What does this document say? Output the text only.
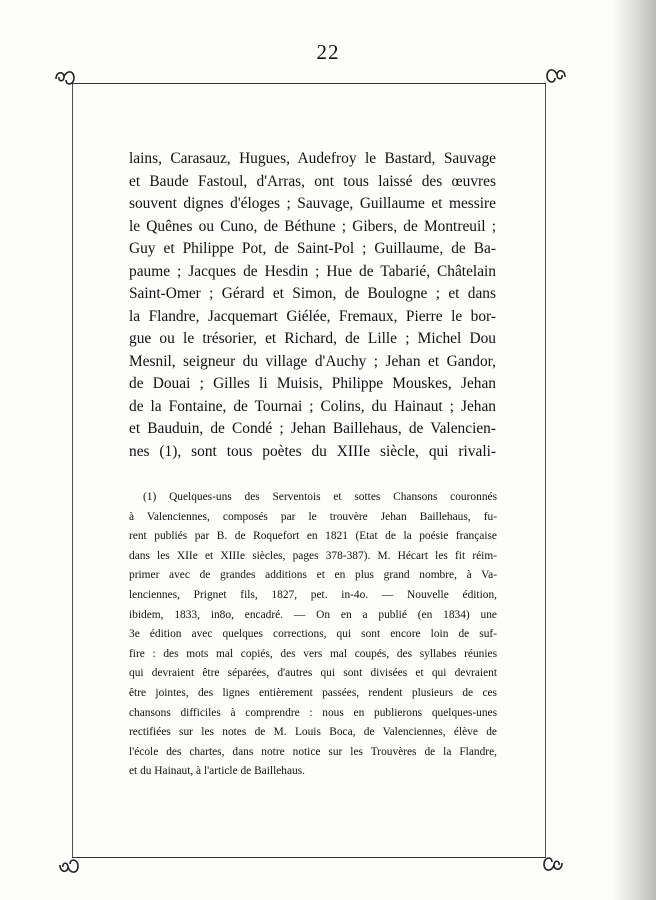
22
lains, Carasauz, Hugues, Audefroy le Bastard, Sauvage
et Baude Fastoul, d'Arras, ont tous laissé des œuvres
souvent dignes d'éloges ; Sauvage, Guillaume et messire
le Quênes ou Cuno, de Béthune ; Gibers, de Montreuil ;
Guy et Philippe Pot, de Saint-Pol ; Guillaume, de Ba-
paume ; Jacques de Hesdin ; Hue de Tabarié, Châtelain
Saint-Omer ; Gérard et Simon, de Boulogne ; et dans
la Flandre, Jacquemart Giélée, Fremaux, Pierre le bor-
gue ou le trésorier, et Richard, de Lille ; Michel Dou
Mesnil, seigneur du village d'Auchy ; Jehan et Gandor,
de Douai ; Gilles li Muisis, Philippe Mouskes, Jehan
de la Fontaine, de Tournai ; Colins, du Hainaut ; Jehan
et Bauduin, de Condé ; Jehan Baillehaus, de Valencien-
nes (1), sont tous poètes du XIIIe siècle, qui rivali-
(1) Quelques-uns des Serventois et sottes Chansons couronnés
à Valenciennes, composés par le trouvère Jehan Baillehaus, fu-
rent publiés par B. de Roquefort en 1821 (Etat de la poésie française
dans les XIIe et XIIIe siècles, pages 378-387). M. Hécart les fit réim-
primer avec de grandes additions et en plus grand nombre, à Va-
lenciennes, Prignet fils, 1827, pet. in-4o. — Nouvelle édition,
ibidem, 1833, in8o, encadré. — On en a publié (en 1834) une
3e édition avec quelques corrections, qui sont encore loin de suf-
fire : des mots mal copiés, des vers mal coupés, des syllabes réunies
qui devraient être séparées, d'autres qui sont divisées et qui devraient
être jointes, des lignes entièrement passées, rendent plusieurs de ces
chansons difficiles à comprendre : nous en publierons quelques-unes
rectifiées sur les notes de M. Louis Boca, de Valenciennes, élève de
l'école des chartes, dans notre notice sur les Trouvères de la Flandre,
et du Hainaut, à l'article de Baillehaus.
